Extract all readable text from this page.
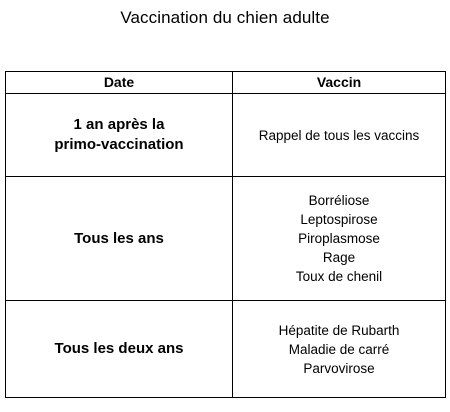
Vaccination du chien adulte
Date	Vaccin

1 an après la
primo-vaccination	Rappel de tous les vaccins

Tous les ans	Borréliose
Leptospirose
Piroplasmose
Rage
Toux de chenil

Tous les deux ans	Hépatite de Rubarth
Maladie de carré
Parvovirose
